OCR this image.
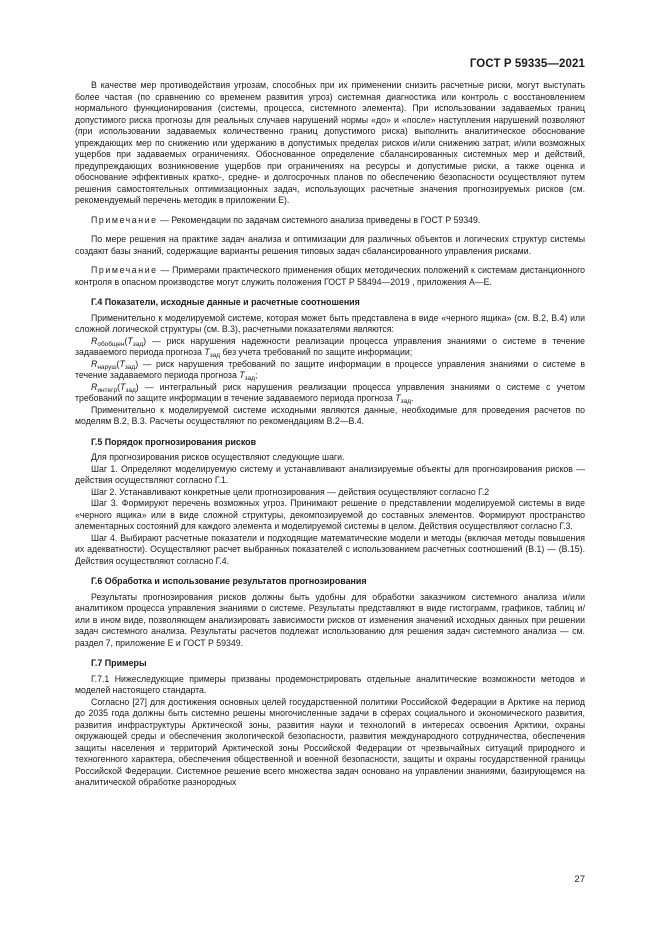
ГОСТ Р 59335—2021

В качестве мер противодействия угрозам, способных при их применении снизить расчетные риски, могут выступать более частая (по сравнению со временем развития угроз) системная диагностика или контроль с восстановлением нормального функционирования (системы, процесса, системного элемента). При использовании задаваемых границ допустимого риска прогнозы для реальных случаев нарушений нормы «до» и «после» наступления нарушений позволяют (при использовании задаваемых количественно границ допустимого риска) выполнить аналитическое обоснование упреждающих мер по снижению или удержанию в допустимых пределах рисков и/или снижению затрат, и/или возможных ущербов при задаваемых ограничениях. Обоснованное определение сбалансированных системных мер и действий, предупреждающих возникновение ущербов при ограничениях на ресурсы и допустимые риски, а также оценка и обоснование эффективных кратко-, средне- и долгосрочных планов по обеспечению безопасности осуществляют путем решения самостоятельных оптимизационных задач, использующих расчетные значения прогнозируемых рисков (см. рекомендуемый перечень методик в приложении Е).

Примечание — Рекомендации по задачам системного анализа приведены в ГОСТ Р 59349.

По мере решения на практике задач анализа и оптимизации для различных объектов и логических структур системы создают базы знаний, содержащие варианты решения типовых задач сбалансированного управления рисками.

Примечание — Примерами практического применения общих методических положений к системам дистанционного контроля в опасном производстве могут служить положения ГОСТ Р 58494—2019 , приложения А—Е.

Г.4 Показатели, исходные данные и расчетные соотношения

Применительно к моделируемой системе, которая может быть представлена в виде «черного ящика» (см. В.2, В.4) или сложной логической структуры (см. В.3), расчетными показателями являются:

$R_{обобщен}(T_{зад})$ — риск нарушения надежности реализации процесса управления знаниями о системе в течение задаваемого периода прогноза $T_{зад}$ без учета требований по защите информации;

$R_{наруш}(T_{зад})$ — риск нарушения требований по защите информации в процессе управления знаниями о системе в течение задаваемого периода прогноза $T_{зад}$;

$R_{интегр}(T_{зад})$ — интегральный риск нарушения реализации процесса управления знаниями о системе с учетом требований по защите информации в течение задаваемого периода прогноза $T_{зад}$.

Применительно к моделируемой системе исходными являются данные, необходимые для проведения расчетов по моделям В.2, В.3. Расчеты осуществляют по рекомендациям В.2—В.4.

Г.5 Порядок прогнозирования рисков

Для прогнозирования рисков осуществляют следующие шаги.

Шаг 1. Определяют моделируемую систему и устанавливают анализируемые объекты для прогнозирования рисков — действия осуществляют согласно Г.1.

Шаг 2. Устанавливают конкретные цели прогнозирования — действия осуществляют согласно Г.2

Шаг 3. Формируют перечень возможных угроз. Принимают решение о представлении моделируемой системы в виде «черного ящика» или в виде сложной структуры, декомпозируемой до составных элементов. Формируют пространство элементарных состояний для каждого элемента и моделируемой системы в целом. Действия осуществляют согласно Г.3.

Шаг 4. Выбирают расчетные показатели и подходящие математические модели и методы (включая методы повышения их адекватности). Осуществляют расчет выбранных показателей с использованием расчетных соотношений (В.1) — (В.15). Действия осуществляют согласно Г.4.

Г.6 Обработка и использование результатов прогнозирования

Результаты прогнозирования рисков должны быть удобны для обработки заказчиком системного анализа и/или аналитиком процесса управления знаниями о системе. Результаты представляют в виде гистограмм, графиков, таблиц и/или в ином виде, позволяющем анализировать зависимости рисков от изменения значений исходных данных при решении задач системного анализа. Результаты расчетов подлежат использованию для решения задач системного анализа — см. раздел 7, приложение Е и ГОСТ Р 59349.

Г.7 Примеры

Г.7.1 Нижеследующие примеры призваны продемонстрировать отдельные аналитические возможности методов и моделей настоящего стандарта.

Согласно [27] для достижения основных целей государственной политики Российской Федерации в Арктике на период до 2035 года должны быть системно решены многочисленные задачи в сферах социального и экономического развития, развития инфраструктуры Арктической зоны, развития науки и технологий в интересах освоения Арктики, охраны окружающей среды и обеспечения экологической безопасности, развития международного сотрудничества, обеспечения защиты населения и территорий Арктической зоны Российской Федерации от чрезвычайных ситуаций природного и техногенного характера, обеспечения общественной и военной безопасности, защиты и охраны государственной границы Российской Федерации. Системное решение всего множества задач основано на управлении знаниями, базирующемся на аналитической обработке разнородных

27
